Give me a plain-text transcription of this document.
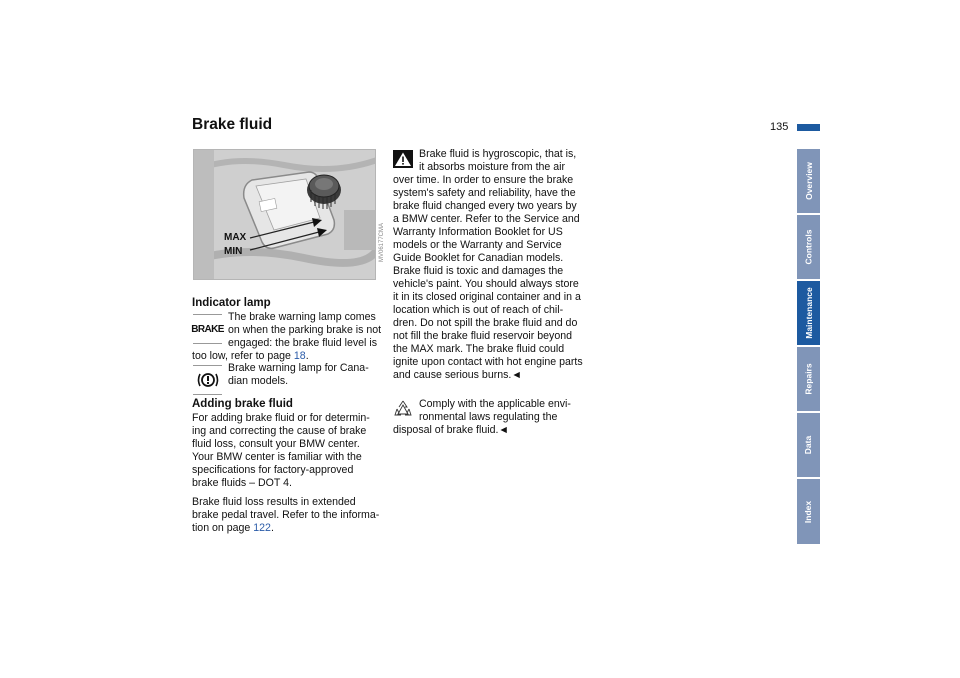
Brake fluid	135
MAX
MIN	MV06177CMA
Indicator lamp
BRAKE

The brake warning lamp comes on when the parking brake is not engaged: the brake fluid level is too low, refer to page 18.

Brake warning lamp for Cana-dian models.

Adding brake fluid

For adding brake fluid or for determin-ing and correcting the cause of brake fluid loss, consult your BMW center. Your BMW center is familiar with the specifications for factory-approved brake fluids – DOT 4.

Brake fluid loss results in extended brake pedal travel. Refer to the informa-tion on page 122.

Brake fluid is hygroscopic, that is, it absorbs moisture from the air over time. In order to ensure the brake system's safety and reliability, have the brake fluid changed every two years by a BMW center. Refer to the Service and Warranty Information Booklet for US models or the Warranty and Service Guide Booklet for Canadian models. Brake fluid is toxic and damages the vehicle's paint. You should always store it in its closed original container and in a location which is out of reach of chil-dren. Do not spill the brake fluid and do not fill the brake fluid reservoir beyond the MAX mark. The brake fluid could ignite upon contact with hot engine parts and cause serious burns.◄

Comply with the applicable envi-ronmental laws regulating the disposal of brake fluid.◄

Overview
Controls
Maintenance
Repairs
Data
Index
